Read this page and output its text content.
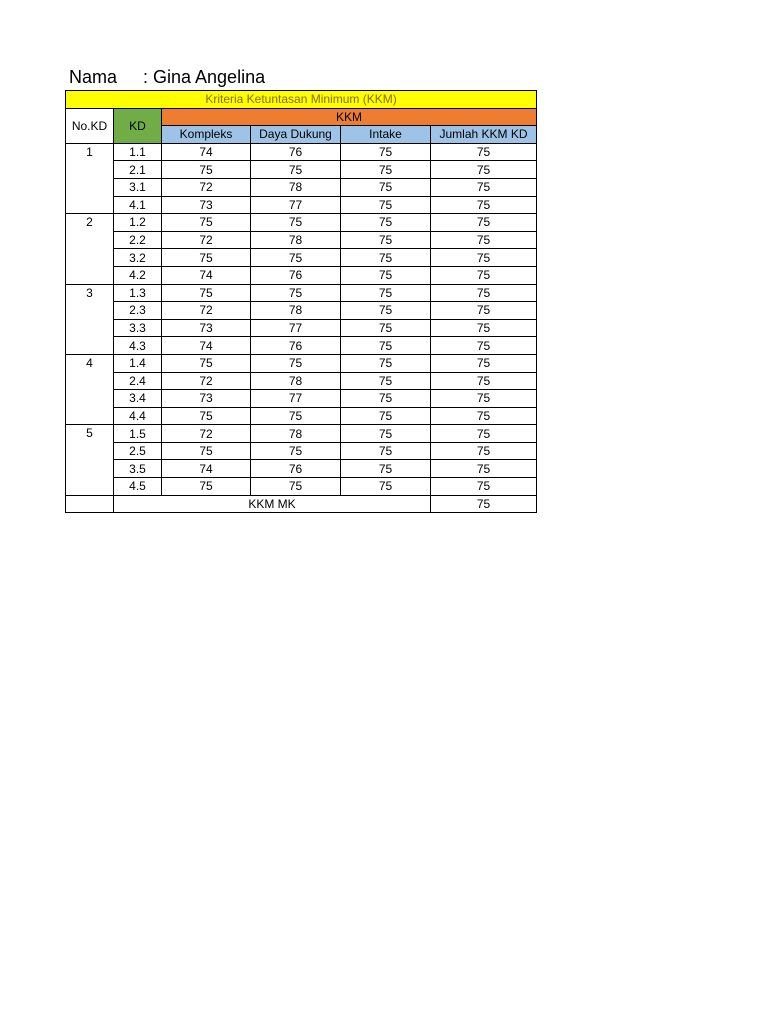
Nama : Gina Angelina
Kriteria Ketuntasan Minimum (KKM)					
No.KD	KD	KKM			
		Kompleks	Daya Dukung	Intake	Jumlah KKM KD
1	1.1	74	76	75	75
	2.1	75	75	75	75
	3.1	72	78	75	75
	4.1	73	77	75	75
2	1.2	75	75	75	75
	2.2	72	78	75	75
	3.2	75	75	75	75
	4.2	74	76	75	75
3	1.3	75	75	75	75
	2.3	72	78	75	75
	3.3	73	77	75	75
	4.3	74	76	75	75
4	1.4	75	75	75	75
	2.4	72	78	75	75
	3.4	73	77	75	75
	4.4	75	75	75	75
5	1.5	72	78	75	75
	2.5	75	75	75	75
	3.5	74	76	75	75
	4.5	75	75	75	75
	KKM MK				75
